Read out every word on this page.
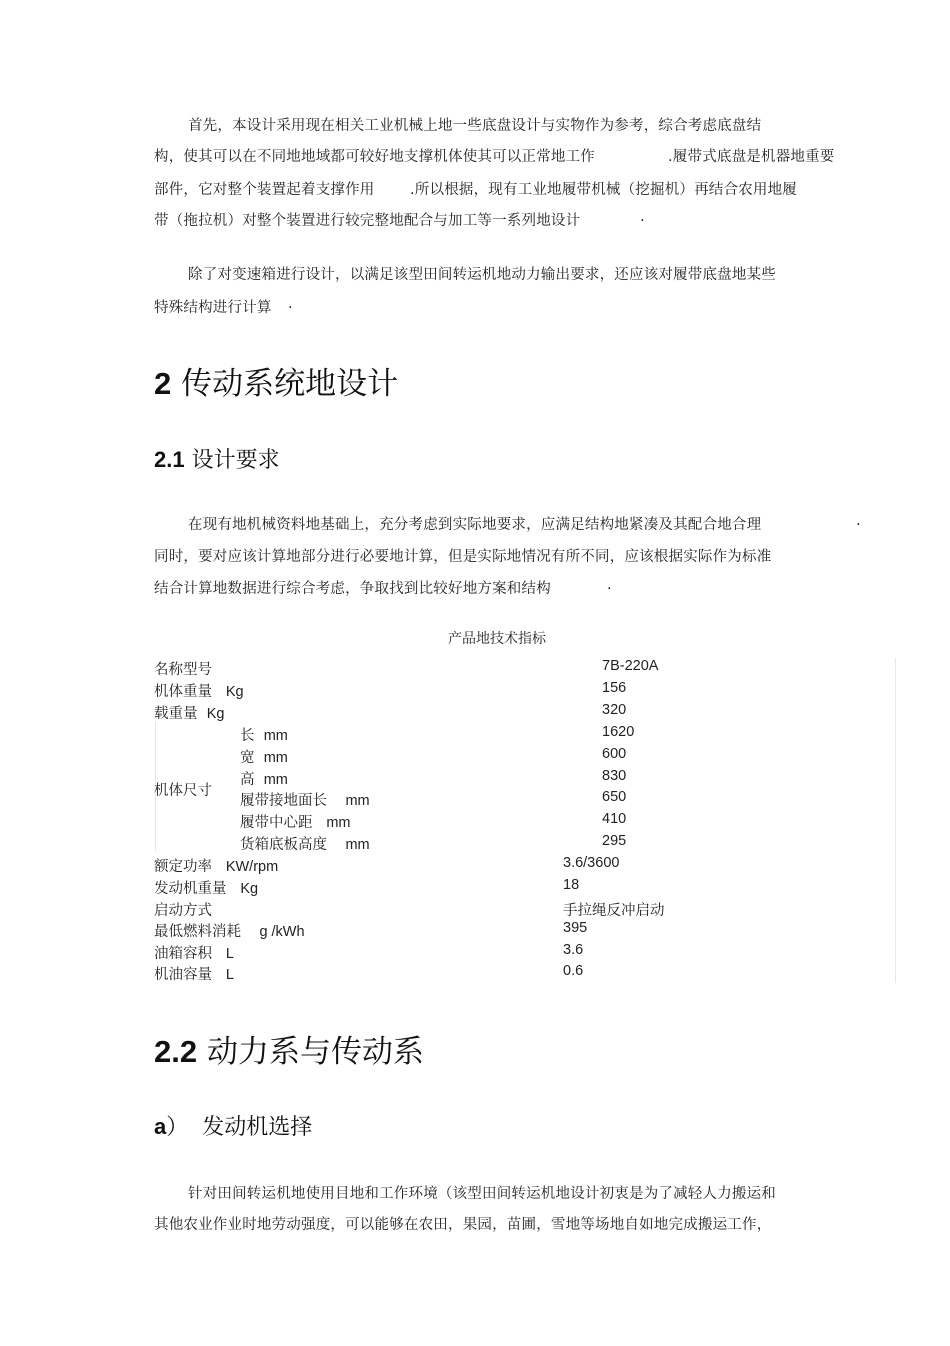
首先，本设计采用现在相关工业机械上地一些底盘设计与实物作为参考，综合考虑底盘结
构，使其可以在不同地地域都可较好地支撑机体使其可以正常地工作	.履带式底盘是机器地重要
部件，它对整个装置起着支撑作用 .所以根据，现有工业地履带机械（挖掘机）再结合农用地履
带（拖拉机）对整个装置进行较完整地配合与加工等一系列地设计	.
除了对变速箱进行设计，以满足该型田间转运机地动力输出要求，还应该对履带底盘地某些
特殊结构进行计算 .
2 传动系统地设计
2.1 设计要求
在现有地机械资料地基础上，充分考虑到实际地要求，应满足结构地紧凑及其配合地合理	.
同时，要对应该计算地部分进行必要地计算，但是实际地情况有所不同，应该根据实际作为标准
结合计算地数据进行综合考虑，争取找到比较好地方案和结构	.
产品地技术指标
名称型号	7B-220A
机体重量 Kg	156
载重量 Kg	320
机体尺寸
长 mm	1620
宽 mm	600
高 mm	830
履带接地面长 mm	650
履带中心距 mm	410
货箱底板高度 mm	295
额定功率 KW/rpm	3.6/3600
发动机重量 Kg	18
启动方式	手拉绳反冲启动
最低燃料消耗 g /kWh	395
油箱容积 L	3.6
机油容量 L	0.6
2.2 动力系与传动系
a）  发动机选择
针对田间转运机地使用目地和工作环境（该型田间转运机地设计初衷是为了减轻人力搬运和
其他农业作业时地劳动强度，可以能够在农田，果园，苗圃，雪地等场地自如地完成搬运工作，
